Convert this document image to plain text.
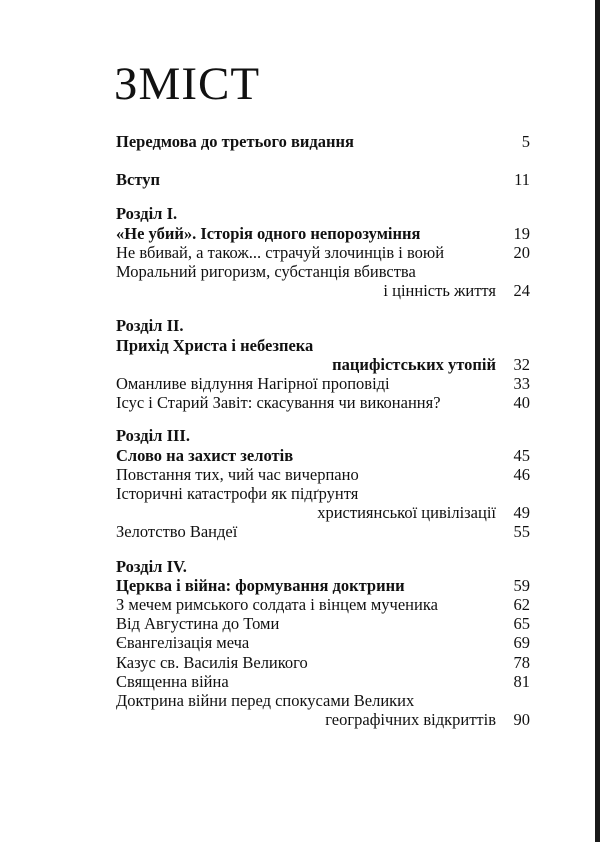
ЗМІСТ
Передмова до третього видання	5
Вступ	11
Розділ I.
«Не убий». Історія одного непорозуміння	19
Не вбивай, а також... страчуй злочинців і воюй	20
Моральний ригоризм, субстанція вбивства
і цінність життя	24
Розділ II.
Прихід Христа і небезпека
пацифістських утопій	32
Оманливе відлуння Нагірної проповіді	33
Ісус і Старий Завіт: скасування чи виконання?	40
Розділ III.
Слово на захист зелотів	45
Повстання тих, чий час вичерпано	46
Історичні катастрофи як підґрунтя
християнської цивілізації	49
Зелотство Вандеї	55
Розділ IV.
Церква і війна: формування доктрини	59
З мечем римського солдата і вінцем мученика	62
Від Августина до Томи	65
Євангелізація меча	69
Казус св. Василія Великого	78
Священна війна	81
Доктрина війни перед спокусами Великих
географічних відкриттів	90
